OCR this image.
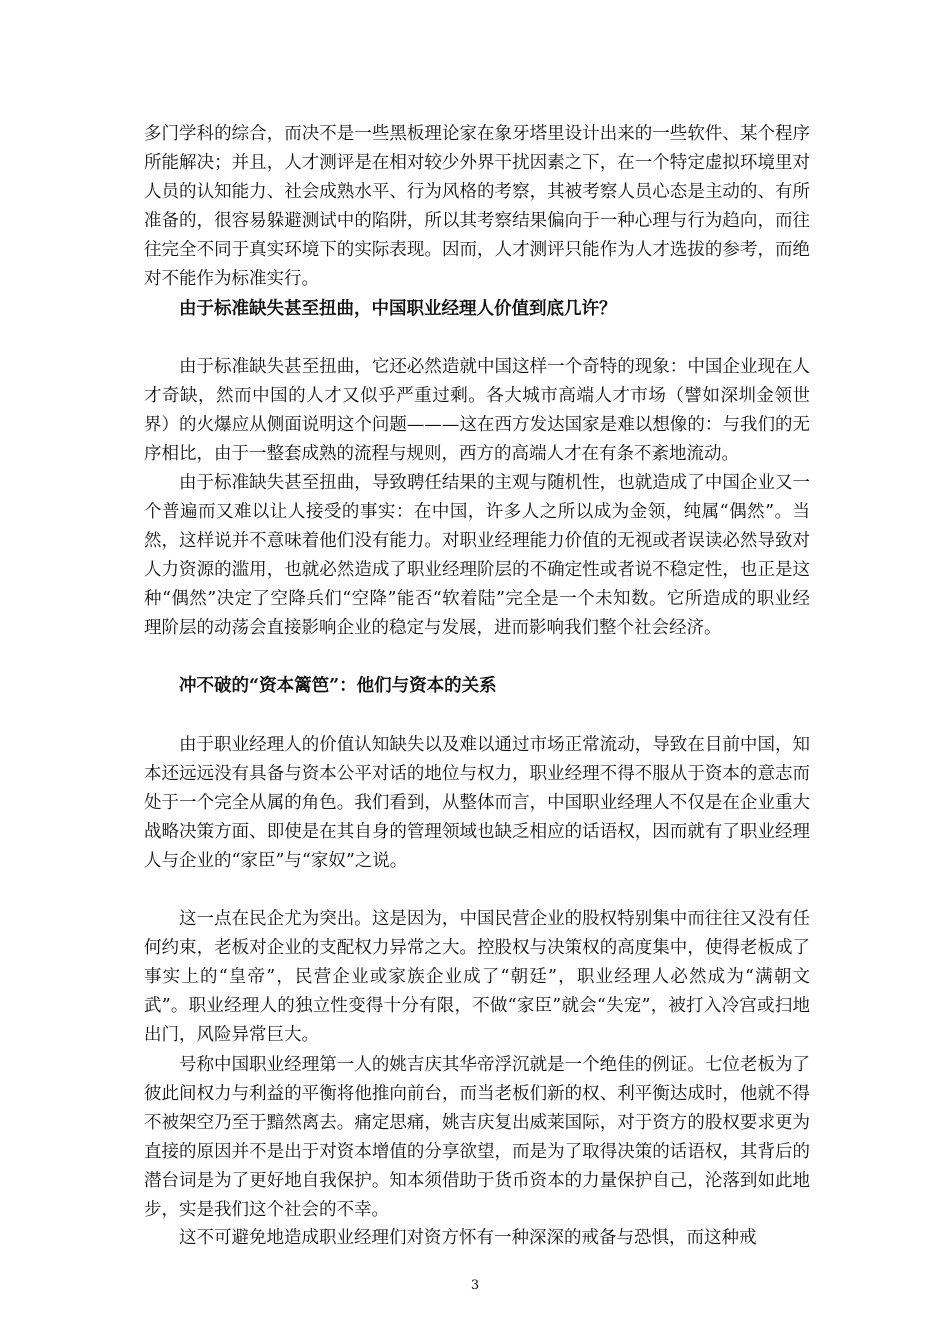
多门学科的综合，而决不是一些黑板理论家在象牙塔里设计出来的一些软件、某个程序所能解决；并且，人才测评是在相对较少外界干扰因素之下，在一个特定虚拟环境里对人员的认知能力、社会成熟水平、行为风格的考察，其被考察人员心态是主动的、有所准备的，很容易躲避测试中的陷阱，所以其考察结果偏向于一种心理与行为趋向，而往往完全不同于真实环境下的实际表现。因而，人才测评只能作为人才选拔的参考，而绝对不能作为标准实行。

由于标准缺失甚至扭曲，中国职业经理人价值到底几许？

由于标准缺失甚至扭曲，它还必然造就中国这样一个奇特的现象：中国企业现在人才奇缺，然而中国的人才又似乎严重过剩。各大城市高端人才市场（譬如深圳金领世界）的火爆应从侧面说明这个问题———这在西方发达国家是难以想像的：与我们的无序相比，由于一整套成熟的流程与规则，西方的高端人才在有条不紊地流动。

由于标准缺失甚至扭曲，导致聘任结果的主观与随机性，也就造成了中国企业又一个普遍而又难以让人接受的事实：在中国，许多人之所以成为金领，纯属“偶然”。当然，这样说并不意味着他们没有能力。对职业经理能力价值的无视或者误读必然导致对人力资源的滥用，也就必然造成了职业经理阶层的不确定性或者说不稳定性，也正是这种“偶然”决定了空降兵们“空降”能否“软着陆”完全是一个未知数。它所造成的职业经理阶层的动荡会直接影响企业的稳定与发展，进而影响我们整个社会经济。

冲不破的“资本篱笆”：他们与资本的关系

由于职业经理人的价值认知缺失以及难以通过市场正常流动，导致在目前中国，知本还远远没有具备与资本公平对话的地位与权力，职业经理不得不服从于资本的意志而处于一个完全从属的角色。我们看到，从整体而言，中国职业经理人不仅是在企业重大战略决策方面、即使是在其自身的管理领域也缺乏相应的话语权，因而就有了职业经理人与企业的“家臣”与“家奴”之说。

这一点在民企尤为突出。这是因为，中国民营企业的股权特别集中而往往又没有任何约束，老板对企业的支配权力异常之大。控股权与决策权的高度集中，使得老板成了事实上的“皇帝”，民营企业或家族企业成了“朝廷”，职业经理人必然成为“满朝文武”。职业经理人的独立性变得十分有限，不做“家臣”就会“失宠”，被打入冷宫或扫地出门，风险异常巨大。

号称中国职业经理第一人的姚吉庆其华帝浮沉就是一个绝佳的例证。七位老板为了彼此间权力与利益的平衡将他推向前台，而当老板们新的权、利平衡达成时，他就不得不被架空乃至于黯然离去。痛定思痛，姚吉庆复出威莱国际，对于资方的股权要求更为直接的原因并不是出于对资本增值的分享欲望，而是为了取得决策的话语权，其背后的潜台词是为了更好地自我保护。知本须借助于货币资本的力量保护自己，沦落到如此地步，实是我们这个社会的不幸。

这不可避免地造成职业经理们对资方怀有一种深深的戒备与恐惧，而这种戒

3
